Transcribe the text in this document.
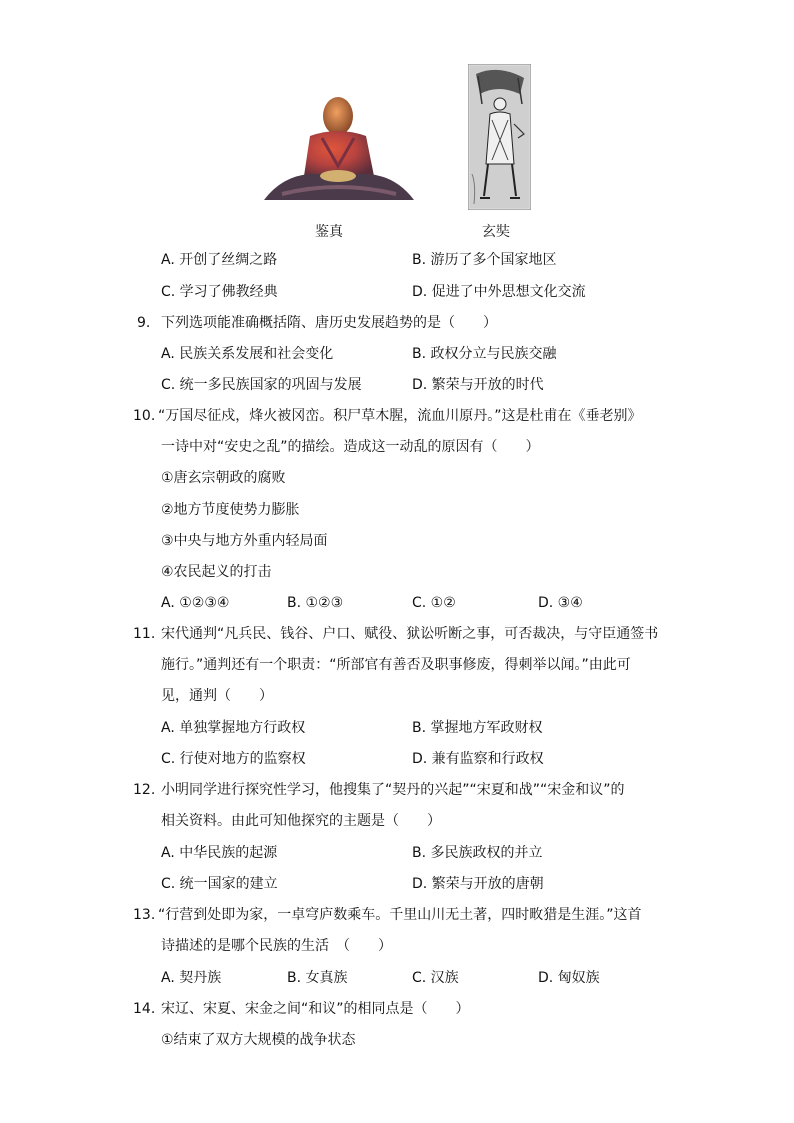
鉴真	玄奘
A. 开创了丝绸之路	B. 游历了多个国家地区
C. 学习了佛教经典	D. 促进了中外思想文化交流
9. 下列选项能准确概括隋、唐历史发展趋势的是（　　）
A. 民族关系发展和社会变化	B. 政权分立与民族交融
C. 统一多民族国家的巩固与发展	D. 繁荣与开放的时代
10. “万国尽征戍，烽火被冈峦。积尸草木腥，流血川原丹。”这是杜甫在《垂老别》
一诗中对“安史之乱”的描绘。造成这一动乱的原因有（　　）
①唐玄宗朝政的腐败
②地方节度使势力膨胀
③中央与地方外重内轻局面
④农民起义的打击
A. ①②③④	B. ①②③	C. ①②	D. ③④
11. 宋代通判“凡兵民、钱谷、户口、赋役、狱讼听断之事，可否裁决，与守臣通签书
施行。”通判还有一个职责：“所部官有善否及职事修废，得刺举以闻。”由此可
见，通判（　　）
A. 单独掌握地方行政权	B. 掌握地方军政财权
C. 行使对地方的监察权	D. 兼有监察和行政权
12. 小明同学进行探究性学习，他搜集了“契丹的兴起”“宋夏和战”“宋金和议”的
相关资料。由此可知他探究的主题是（　　）
A. 中华民族的起源	B. 多民族政权的并立
C. 统一国家的建立	D. 繁荣与开放的唐朝
13. “行营到处即为家，一卓穹庐数乘车。千里山川无土著，四时畋猎是生涯。”这首
诗描述的是哪个民族的生活　（　　）
A. 契丹族	B. 女真族	C. 汉族	D. 匈奴族
14. 宋辽、宋夏、宋金之间“和议”的相同点是（　　）
①结束了双方大规模的战争状态
